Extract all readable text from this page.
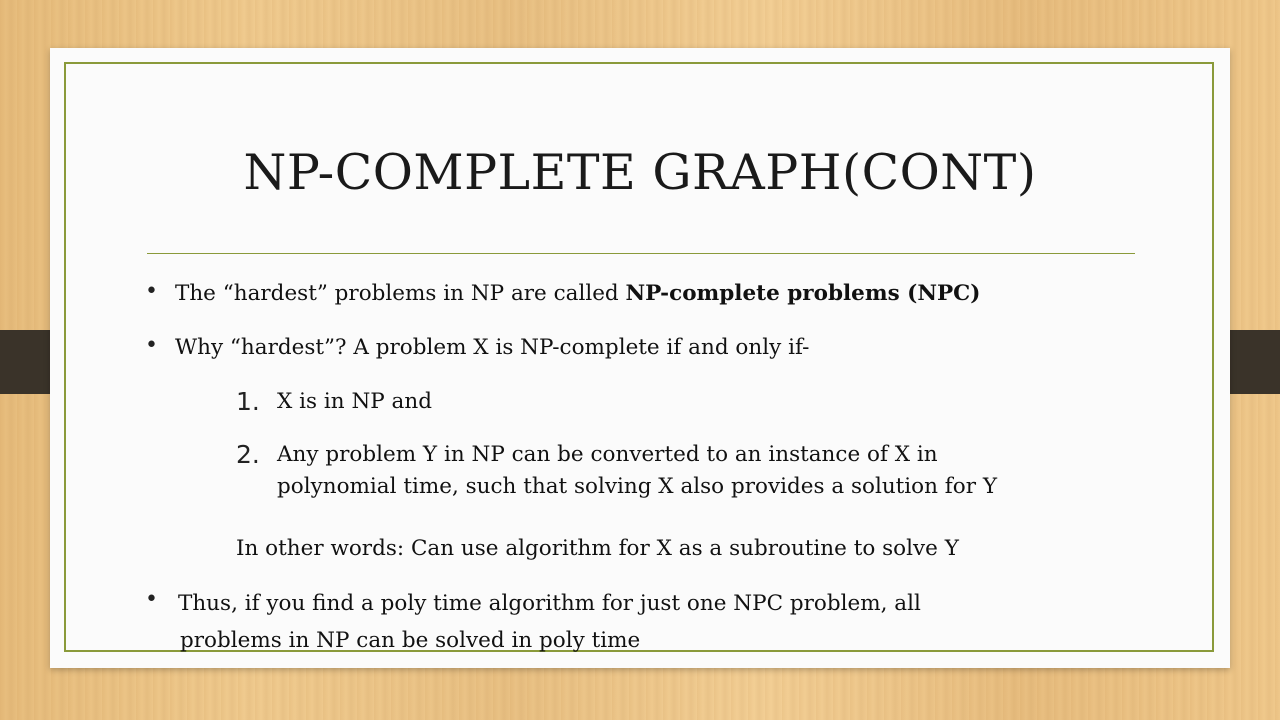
NP-COMPLETE GRAPH(CONT)
• The “hardest” problems in NP are called NP-complete problems (NPC)
• Why “hardest”? A problem X is NP-complete if and only if-
1. X is in NP and
2. Any problem Y in NP can be converted to an instance of X in
polynomial time, such that solving X also provides a solution for Y
In other words: Can use algorithm for X as a subroutine to solve Y
• Thus, if you find a poly time algorithm for just one NPC problem, all
problems in NP can be solved in poly time
